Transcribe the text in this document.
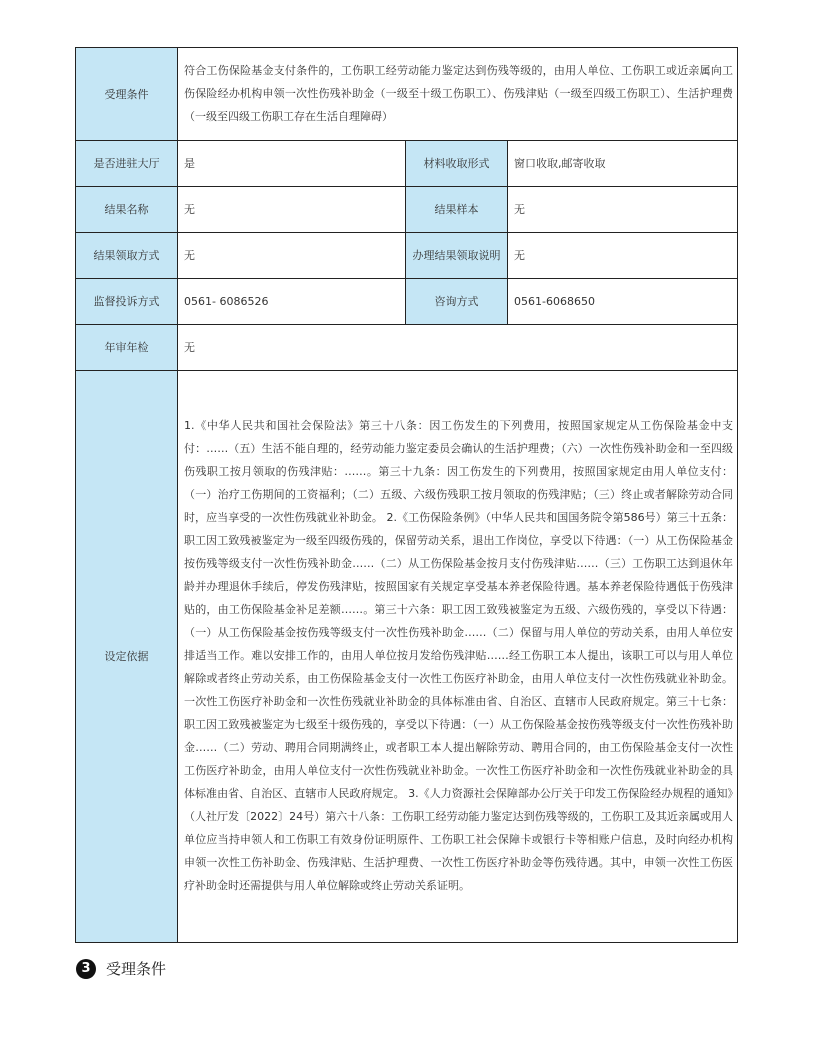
受理条件	符合工伤保险基金支付条件的，工伤职工经劳动能力鉴定达到伤残等级的，由用人单位、工伤职工或近亲属向工伤保险经办机构申领一次性伤残补助金（一级至十级工伤职工）、伤残津贴（一级至四级工伤职工）、生活护理费（一级至四级工伤职工存在生活自理障碍）		
是否进驻大厅	是	材料收取形式	窗口收取,邮寄收取
结果名称	无	结果样本	无
结果领取方式	无	办理结果领取说明	无
监督投诉方式	0561- 6086526	咨询方式	0561-6068650
年审年检	无		
设定依据	1.《中华人民共和国社会保险法》第三十八条：因工伤发生的下列费用，按照国家规定从工伤保险基金中支付：……（五）生活不能自理的，经劳动能力鉴定委员会确认的生活护理费；（六）一次性伤残补助金和一至四级伤残职工按月领取的伤残津贴：……。第三十九条：因工伤发生的下列费用，按照国家规定由用人单位支付：（一）治疗工伤期间的工资福利；（二）五级、六级伤残职工按月领取的伤残津贴；（三）终止或者解除劳动合同时，应当享受的一次性伤残就业补助金。 2.《工伤保险条例》（中华人民共和国国务院令第586号）第三十五条：职工因工致残被鉴定为一级至四级伤残的，保留劳动关系，退出工作岗位，享受以下待遇：（一）从工伤保险基金按伤残等级支付一次性伤残补助金……（二）从工伤保险基金按月支付伤残津贴……（三）工伤职工达到退休年龄并办理退休手续后，停发伤残津贴，按照国家有关规定享受基本养老保险待遇。基本养老保险待遇低于伤残津贴的，由工伤保险基金补足差额……。第三十六条：职工因工致残被鉴定为五级、六级伤残的，享受以下待遇：（一）从工伤保险基金按伤残等级支付一次性伤残补助金……（二）保留与用人单位的劳动关系，由用人单位安排适当工作。难以安排工作的，由用人单位按月发给伤残津贴……经工伤职工本人提出，该职工可以与用人单位解除或者终止劳动关系，由工伤保险基金支付一次性工伤医疗补助金，由用人单位支付一次性伤残就业补助金。一次性工伤医疗补助金和一次性伤残就业补助金的具体标准由省、自治区、直辖市人民政府规定。第三十七条：职工因工致残被鉴定为七级至十级伤残的，享受以下待遇：（一）从工伤保险基金按伤残等级支付一次性伤残补助金……（二）劳动、聘用合同期满终止，或者职工本人提出解除劳动、聘用合同的，由工伤保险基金支付一次性工伤医疗补助金，由用人单位支付一次性伤残就业补助金。一次性工伤医疗补助金和一次性伤残就业补助金的具体标准由省、自治区、直辖市人民政府规定。 3.《人力资源社会保障部办公厅关于印发工伤保险经办规程的通知》（人社厅发〔2022〕24号）第六十八条：工伤职工经劳动能力鉴定达到伤残等级的，工伤职工及其近亲属或用人单位应当持申领人和工伤职工有效身份证明原件、工伤职工社会保障卡或银行卡等相账户信息，及时向经办机构申领一次性工伤补助金、伤残津贴、生活护理费、一次性工伤医疗补助金等伤残待遇。其中，申领一次性工伤医疗补助金时还需提供与用人单位解除或终止劳动关系证明。		
3	受理条件
